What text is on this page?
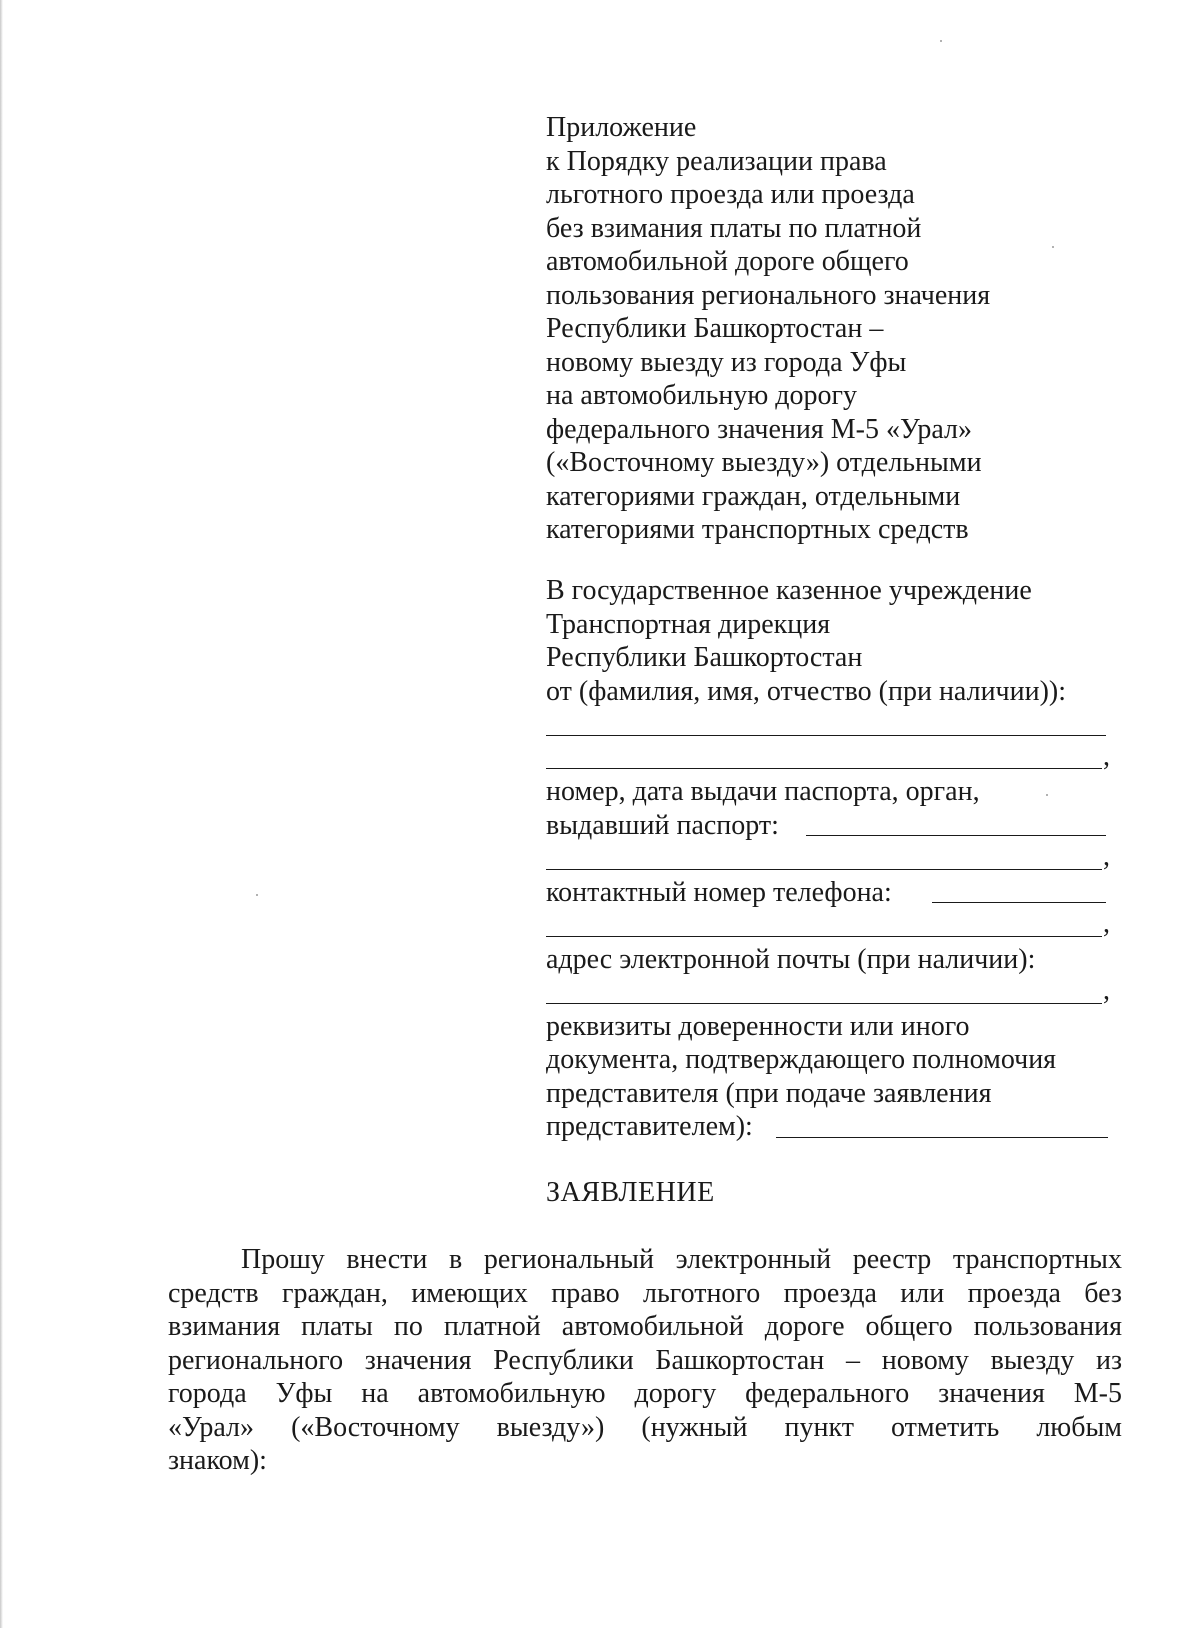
Приложение
к Порядку реализации права
льготного проезда или проезда
без взимания платы по платной
автомобильной дороге общего
пользования регионального значения
Республики Башкортостан –
новому выезду из города Уфы
на автомобильную дорогу
федерального значения М-5 «Урал»
(«Восточному выезду») отдельными
категориями граждан, отдельными
категориями транспортных средств
В государственное казенное учреждение
Транспортная дирекция
Республики Башкортостан
от (фамилия, имя, отчество (при наличии)):
,
номер, дата выдачи паспорта, орган,
выдавший паспорт:
,
контактный номер телефона:
,
адрес электронной почты (при наличии):
,
реквизиты доверенности или иного
документа, подтверждающего полномочия
представителя (при подаче заявления
представителем):
ЗАЯВЛЕНИЕ
Прошу внести в региональный электронный реестр транспортных
средств граждан, имеющих право льготного проезда или проезда без
взимания платы по платной автомобильной дороге общего пользования
регионального значения Республики Башкортостан – новому выезду из
города Уфы на автомобильную дорогу федерального значения М-5
«Урал» («Восточному выезду») (нужный пункт отметить любым
знаком):
